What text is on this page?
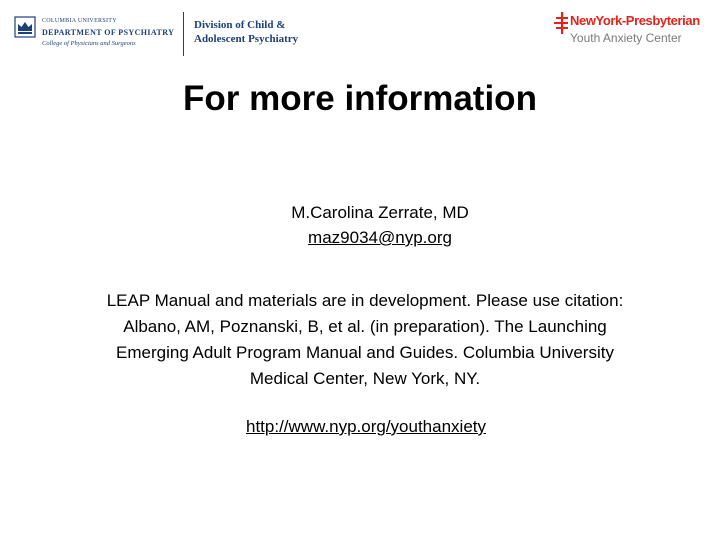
COLUMBIA UNIVERSITY
DEPARTMENT OF PSYCHIATRY
College of Physicians and Surgeons
Division of Child &
Adolescent Psychiatry
NewYork-Presbyterian
Youth Anxiety Center
For more information
M.Carolina Zerrate, MD
maz9034@nyp.org
LEAP Manual and materials are in development. Please use citation:
Albano, AM, Poznanski, B, et al. (in preparation). The Launching
Emerging Adult Program Manual and Guides. Columbia University
Medical Center, New York, NY.
http://www.nyp.org/youthanxiety
